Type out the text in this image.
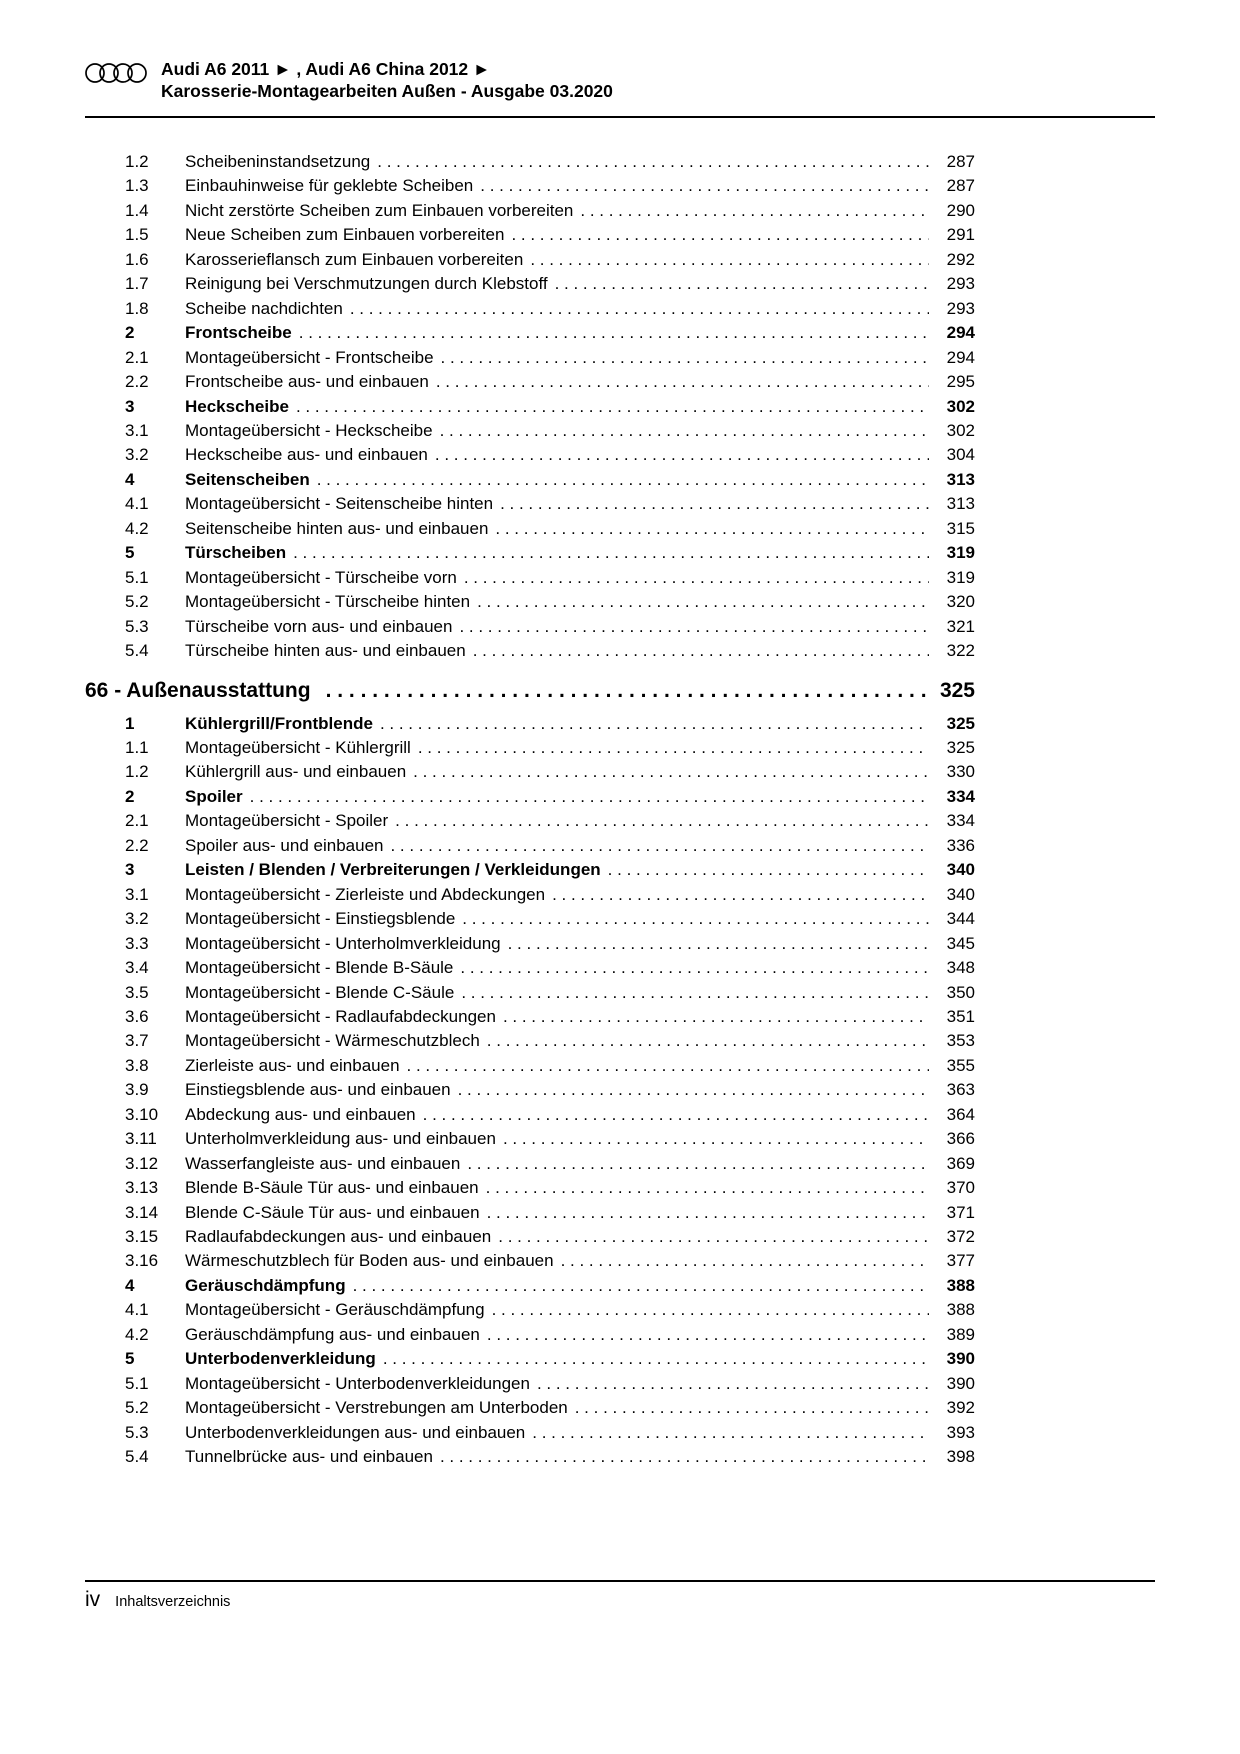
Audi A6 2011 ► , Audi A6 China 2012 ►
Karosserie-Montagearbeiten Außen - Ausgabe 03.2020
1.2	Scheibeninstandsetzung . . .	287
1.3	Einbauhinweise für geklebte Scheiben . . .	287
1.4	Nicht zerstörte Scheiben zum Einbauen vorbereiten . . .	290
1.5	Neue Scheiben zum Einbauen vorbereiten . . .	291
1.6	Karosserieflansch zum Einbauen vorbereiten . . .	292
1.7	Reinigung bei Verschmutzungen durch Klebstoff . . .	293
1.8	Scheibe nachdichten . . .	293
2	Frontscheibe . . .	294
2.1	Montageübersicht - Frontscheibe . . .	294
2.2	Frontscheibe aus- und einbauen . . .	295
3	Heckscheibe . . .	302
3.1	Montageübersicht - Heckscheibe . . .	302
3.2	Heckscheibe aus- und einbauen . . .	304
4	Seitenscheiben . . .	313
4.1	Montageübersicht - Seitenscheibe hinten . . .	313
4.2	Seitenscheibe hinten aus- und einbauen . . .	315
5	Türscheiben . . .	319
5.1	Montageübersicht - Türscheibe vorn . . .	319
5.2	Montageübersicht - Türscheibe hinten . . .	320
5.3	Türscheibe vorn aus- und einbauen . . .	321
5.4	Türscheibe hinten aus- und einbauen . . .	322
66 - Außenausstattung . . .	325
1	Kühlergrill/Frontblende . . .	325
1.1	Montageübersicht - Kühlergrill . . .	325
1.2	Kühlergrill aus- und einbauen . . .	330
2	Spoiler . . .	334
2.1	Montageübersicht - Spoiler . . .	334
2.2	Spoiler aus- und einbauen . . .	336
3	Leisten / Blenden / Verbreiterungen / Verkleidungen . . .	340
3.1	Montageübersicht - Zierleiste und Abdeckungen . . .	340
3.2	Montageübersicht - Einstiegsblende . . .	344
3.3	Montageübersicht - Unterholmverkleidung . . .	345
3.4	Montageübersicht - Blende B-Säule . . .	348
3.5	Montageübersicht - Blende C-Säule . . .	350
3.6	Montageübersicht - Radlaufabdeckungen . . .	351
3.7	Montageübersicht - Wärmeschutzblech . . .	353
3.8	Zierleiste aus- und einbauen . . .	355
3.9	Einstiegsblende aus- und einbauen . . .	363
3.10	Abdeckung aus- und einbauen . . .	364
3.11	Unterholmverkleidung aus- und einbauen . . .	366
3.12	Wasserfangleiste aus- und einbauen . . .	369
3.13	Blende B-Säule Tür aus- und einbauen . . .	370
3.14	Blende C-Säule Tür aus- und einbauen . . .	371
3.15	Radlaufabdeckungen aus- und einbauen . . .	372
3.16	Wärmeschutzblech für Boden aus- und einbauen . . .	377
4	Geräuschdämpfung . . .	388
4.1	Montageübersicht - Geräuschdämpfung . . .	388
4.2	Geräuschdämpfung aus- und einbauen . . .	389
5	Unterbodenverkleidung . . .	390
5.1	Montageübersicht - Unterbodenverkleidungen . . .	390
5.2	Montageübersicht - Verstrebungen am Unterboden . . .	392
5.3	Unterbodenverkleidungen aus- und einbauen . . .	393
5.4	Tunnelbrücke aus- und einbauen . . .	398
iv Inhaltsverzeichnis
